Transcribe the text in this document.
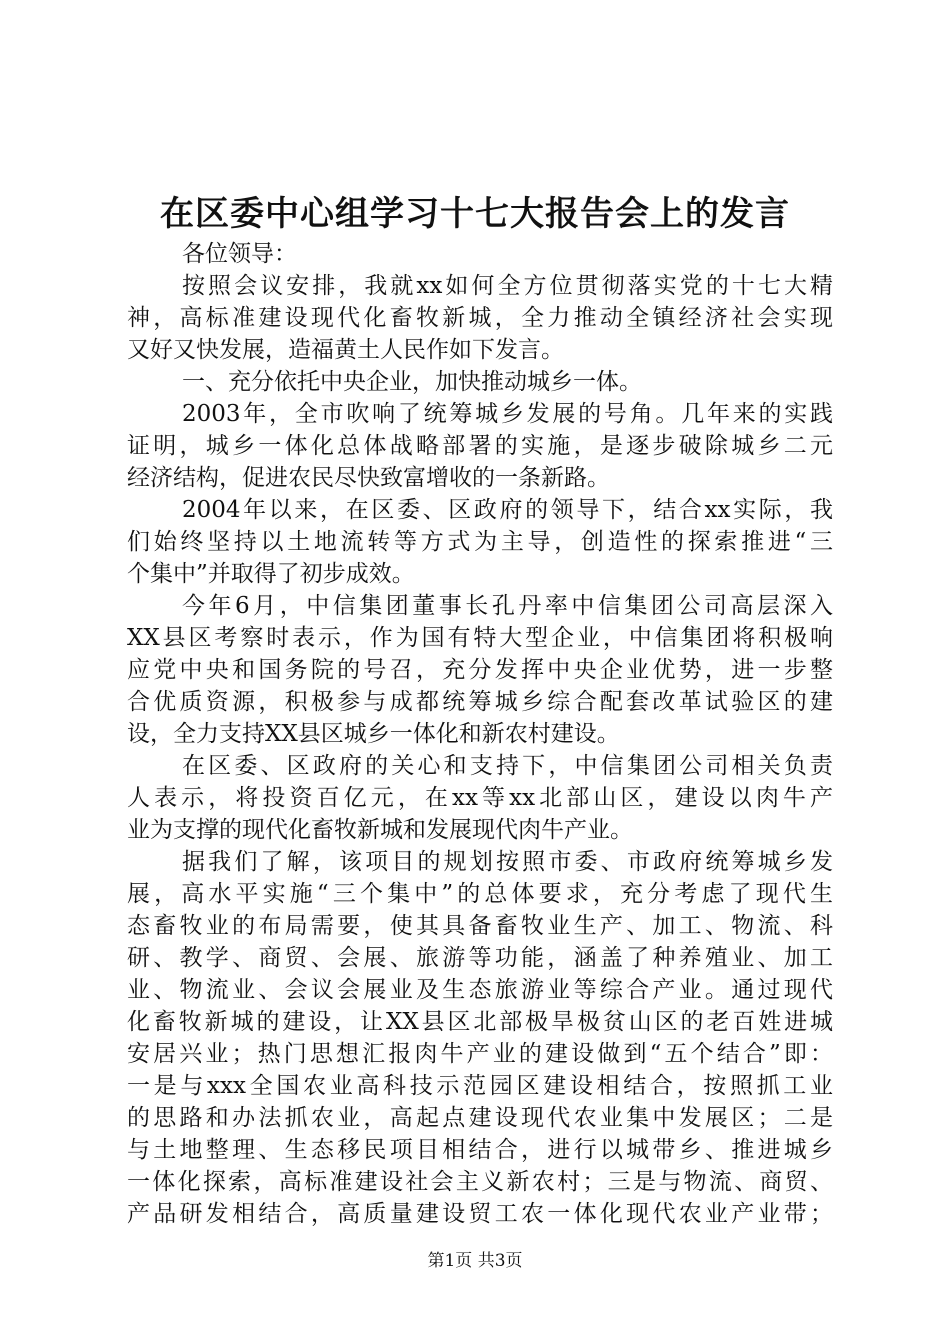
在区委中心组学习十七大报告会上的发言
各位领导：
按照会议安排，我就xx如何全方位贯彻落实党的十七大精
神，高标准建设现代化畜牧新城，全力推动全镇经济社会实现
又好又快发展，造福黄土人民作如下发言。
一、充分依托中央企业，加快推动城乡一体。
2003年，全市吹响了统筹城乡发展的号角。几年来的实践
证明，城乡一体化总体战略部署的实施，是逐步破除城乡二元
经济结构，促进农民尽快致富增收的一条新路。
2004年以来，在区委、区政府的领导下，结合xx实际，我
们始终坚持以土地流转等方式为主导，创造性的探索推进“三
个集中”并取得了初步成效。
今年6月，中信集团董事长孔丹率中信集团公司高层深入
XX县区考察时表示，作为国有特大型企业，中信集团将积极响
应党中央和国务院的号召，充分发挥中央企业优势，进一步整
合优质资源，积极参与成都统筹城乡综合配套改革试验区的建
设，全力支持XX县区城乡一体化和新农村建设。
在区委、区政府的关心和支持下，中信集团公司相关负责
人表示，将投资百亿元，在xx等xx北部山区，建设以肉牛产
业为支撑的现代化畜牧新城和发展现代肉牛产业。
据我们了解，该项目的规划按照市委、市政府统筹城乡发
展，高水平实施“三个集中”的总体要求，充分考虑了现代生
态畜牧业的布局需要，使其具备畜牧业生产、加工、物流、科
研、教学、商贸、会展、旅游等功能，涵盖了种养殖业、加工
业、物流业、会议会展业及生态旅游业等综合产业。通过现代
化畜牧新城的建设，让XX县区北部极旱极贫山区的老百姓进城
安居兴业；热门思想汇报肉牛产业的建设做到“五个结合”即：
一是与xxx全国农业高科技示范园区建设相结合，按照抓工业
的思路和办法抓农业，高起点建设现代农业集中发展区；二是
与土地整理、生态移民项目相结合，进行以城带乡、推进城乡
一体化探索，高标准建设社会主义新农村；三是与物流、商贸、
产品研发相结合，高质量建设贸工农一体化现代农业产业带；
第1页 共3页
